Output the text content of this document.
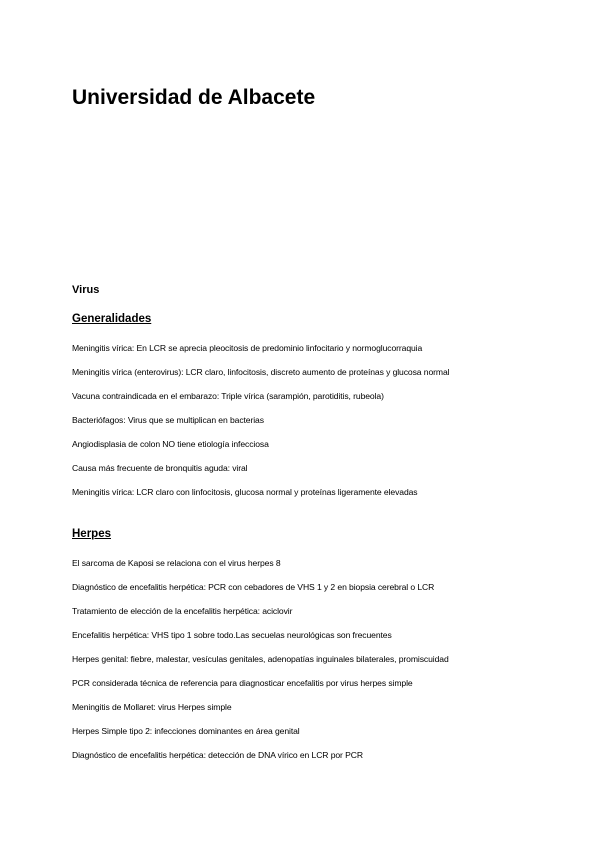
Universidad de Albacete
Virus
Generalidades
Meningitis vírica: En LCR se aprecia pleocitosis de predominio linfocitario y normoglucorraquia
Meningitis vírica (enterovirus): LCR claro, linfocitosis, discreto aumento de proteínas y glucosa normal
Vacuna contraindicada en el embarazo: Triple vírica (sarampión, parotiditis, rubeola)
Bacteriófagos: Virus que se multiplican en bacterias
Angiodisplasia de colon NO tiene etiología infecciosa
Causa más frecuente de bronquitis aguda: viral
Meningitis vírica: LCR claro con linfocitosis, glucosa normal y proteínas ligeramente elevadas
Herpes
El sarcoma de Kaposi se relaciona con el virus herpes 8
Diagnóstico de encefalitis herpética: PCR con cebadores de VHS 1 y 2 en biopsia cerebral o LCR
Tratamiento de elección de la encefalitis herpética: aciclovir
Encefalitis herpética: VHS tipo 1 sobre todo.Las secuelas neurológicas son frecuentes
Herpes genital: fiebre, malestar, vesículas genitales, adenopatías inguinales bilaterales, promiscuidad
PCR considerada técnica de referencia para diagnosticar encefalitis por virus herpes simple
Meningitis de Mollaret: virus Herpes simple
Herpes Simple tipo 2: infecciones dominantes en área genital
Diagnóstico de encefalitis herpética: detección de DNA vírico en LCR por PCR
